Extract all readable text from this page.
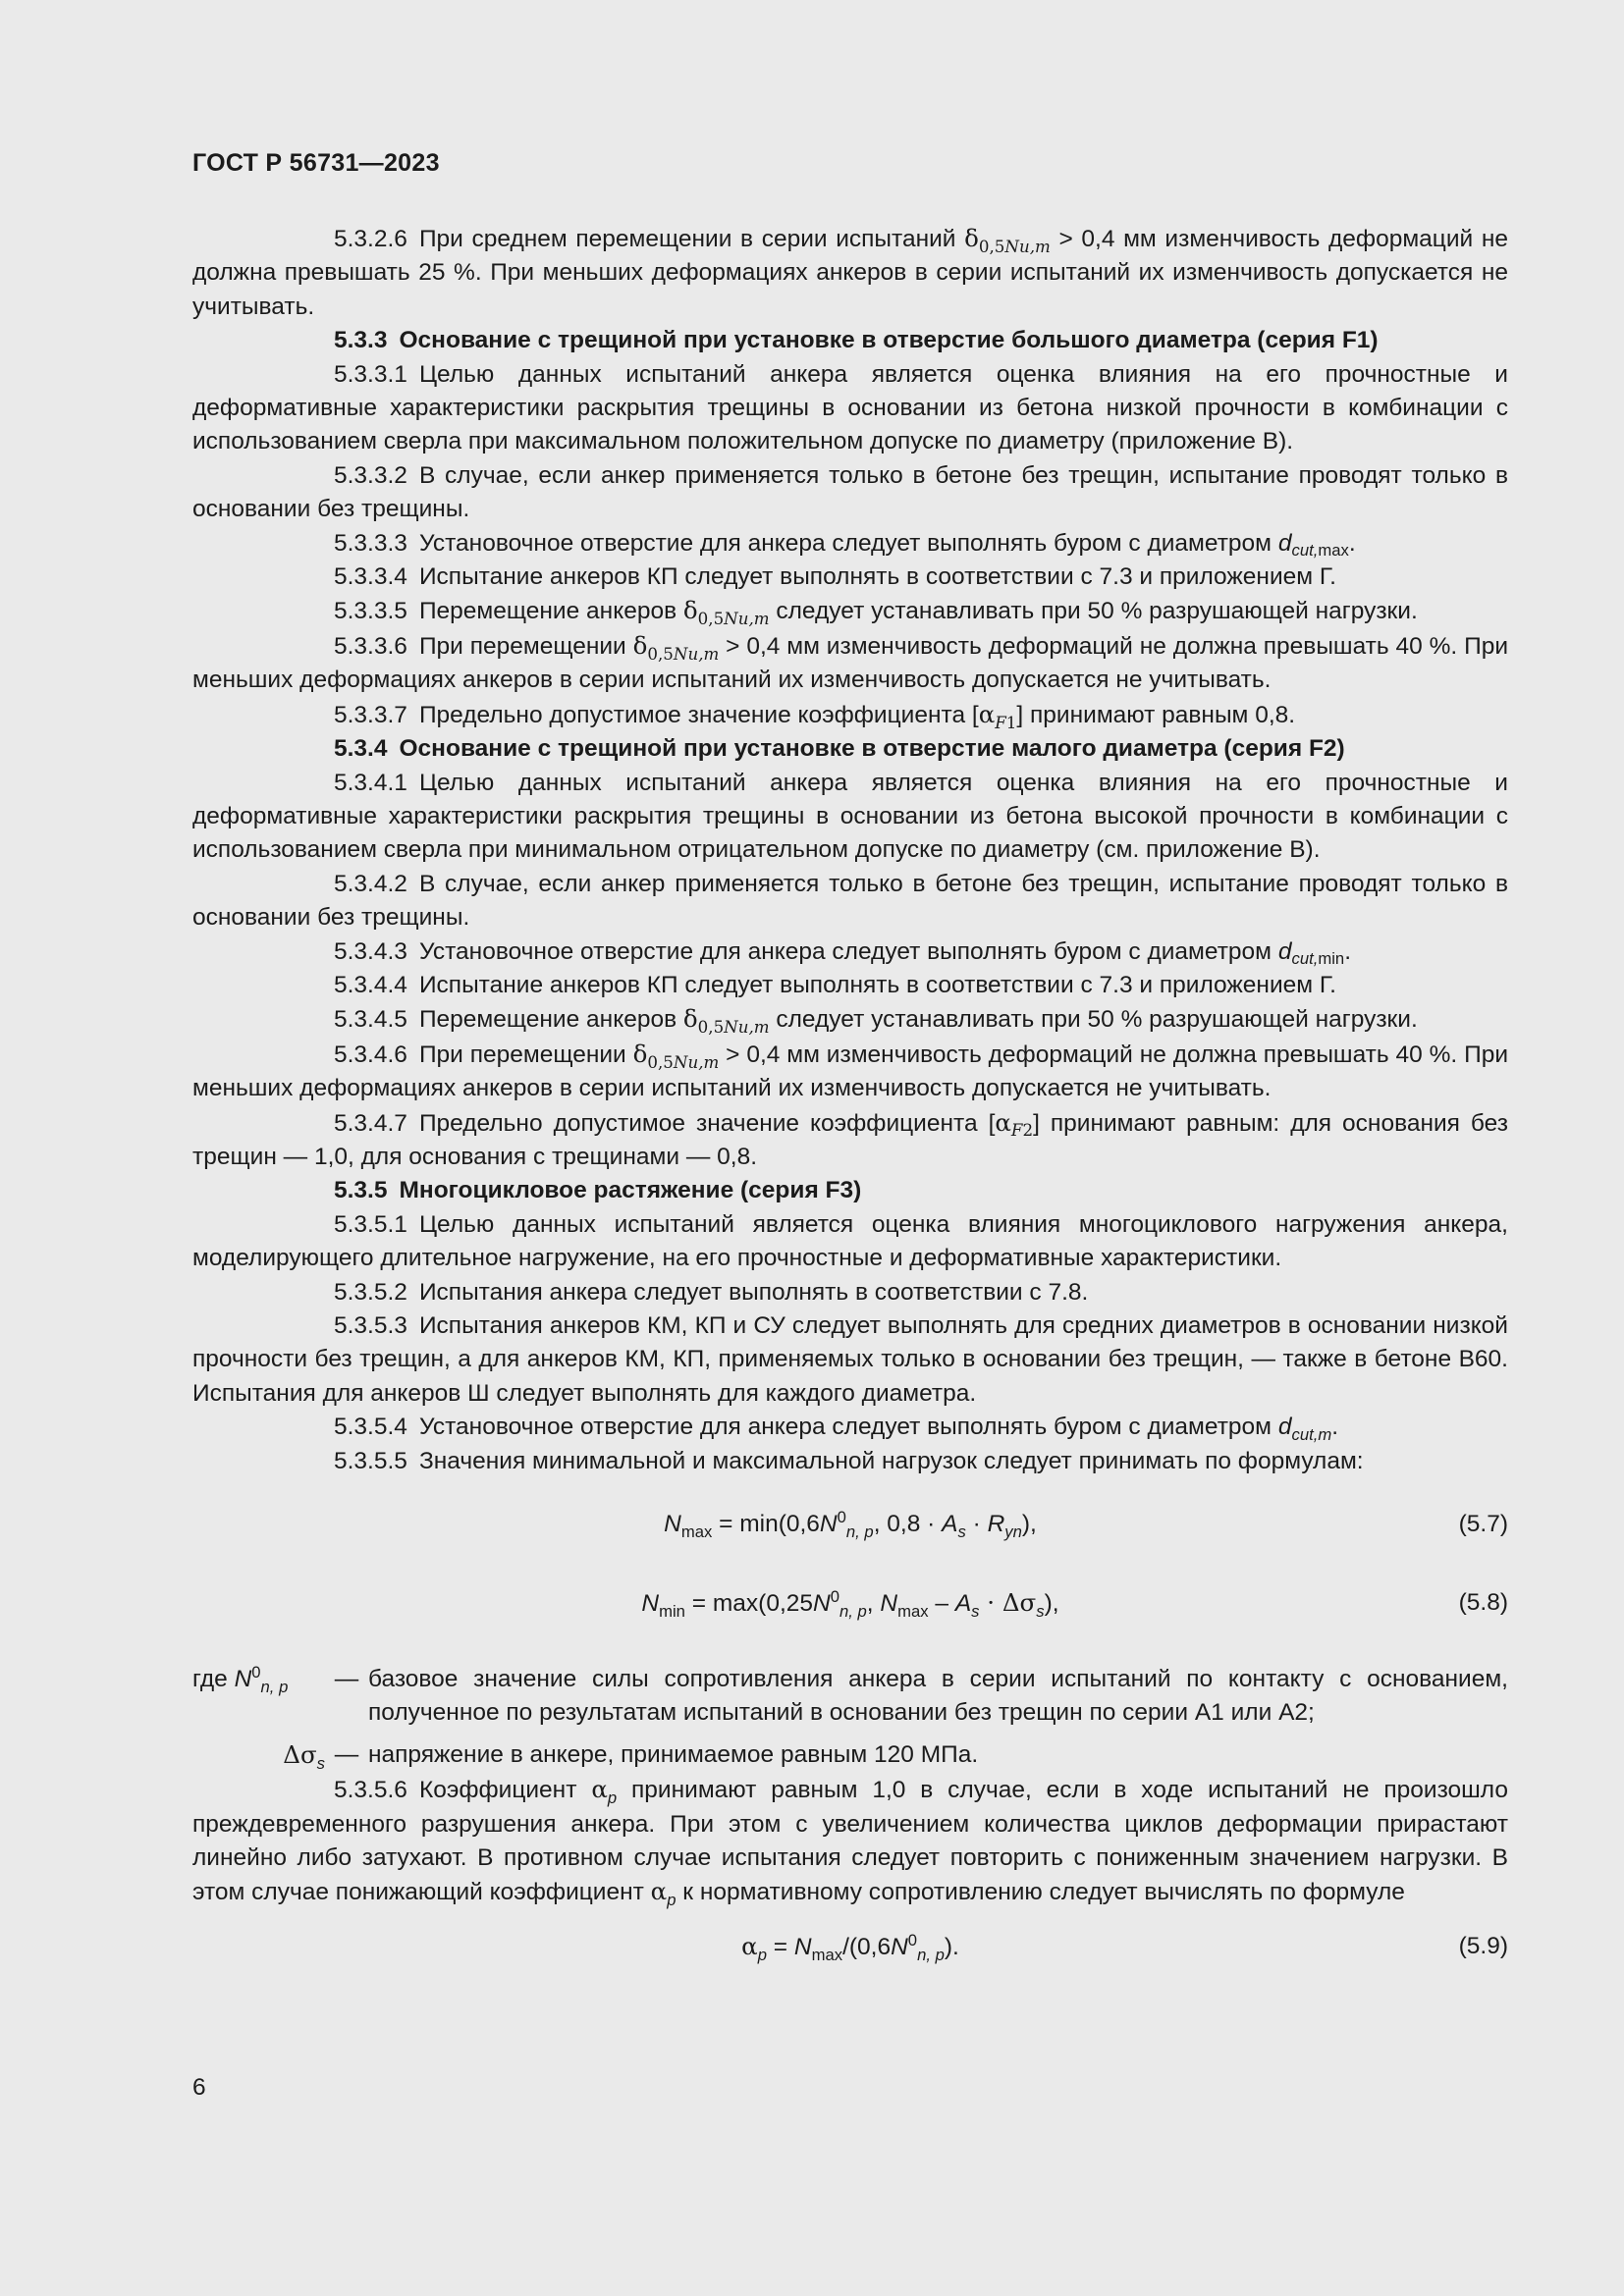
ГОСТ Р 56731—2023

5.3.2.6 При среднем перемещении в серии испытаний $\delta_{0,5Nu,m} > 0,4$ мм изменчивость деформаций не должна превышать 25 %. При меньших деформациях анкеров в серии испытаний их изменчивость допускается не учитывать.

5.3.3 Основание с трещиной при установке в отверстие большого диаметра (серия F1)

5.3.3.1 Целью данных испытаний анкера является оценка влияния на его прочностные и деформативные характеристики раскрытия трещины в основании из бетона низкой прочности в комбинации с использованием сверла при максимальном положительном допуске по диаметру (приложение В).

5.3.3.2 В случае, если анкер применяется только в бетоне без трещин, испытание проводят только в основании без трещины.

5.3.3.3 Установочное отверстие для анкера следует выполнять буром с диаметром $d_{cut,max}$.

5.3.3.4 Испытание анкеров КП следует выполнять в соответствии с 7.3 и приложением Г.

5.3.3.5 Перемещение анкеров $\delta_{0,5Nu,m}$ следует устанавливать при 50 % разрушающей нагрузки.

5.3.3.6 При перемещении $\delta_{0,5Nu,m} > 0,4$ мм изменчивость деформаций не должна превышать 40 %. При меньших деформациях анкеров в серии испытаний их изменчивость допускается не учитывать.

5.3.3.7 Предельно допустимое значение коэффициента $[\alpha_{F1}]$ принимают равным 0,8.

5.3.4 Основание с трещиной при установке в отверстие малого диаметра (серия F2)

5.3.4.1 Целью данных испытаний анкера является оценка влияния на его прочностные и деформативные характеристики раскрытия трещины в основании из бетона высокой прочности в комбинации с использованием сверла при минимальном отрицательном допуске по диаметру (см. приложение В).

5.3.4.2 В случае, если анкер применяется только в бетоне без трещин, испытание проводят только в основании без трещины.

5.3.4.3 Установочное отверстие для анкера следует выполнять буром с диаметром $d_{cut,min}$.

5.3.4.4 Испытание анкеров КП следует выполнять в соответствии с 7.3 и приложением Г.

5.3.4.5 Перемещение анкеров $\delta_{0,5Nu,m}$ следует устанавливать при 50 % разрушающей нагрузки.

5.3.4.6 При перемещении $\delta_{0,5Nu,m} > 0,4$ мм изменчивость деформаций не должна превышать 40 %. При меньших деформациях анкеров в серии испытаний их изменчивость допускается не учитывать.

5.3.4.7 Предельно допустимое значение коэффициента $[\alpha_{F2}]$ принимают равным: для основания без трещин — 1,0, для основания с трещинами — 0,8.

5.3.5 Многоцикловое растяжение (серия F3)

5.3.5.1 Целью данных испытаний является оценка влияния многоциклового нагружения анкера, моделирующего длительное нагружение, на его прочностные и деформативные характеристики.

5.3.5.2 Испытания анкера следует выполнять в соответствии с 7.8.

5.3.5.3 Испытания анкеров КМ, КП и СУ следует выполнять для средних диаметров в основании низкой прочности без трещин, а для анкеров КМ, КП, применяемых только в основании без трещин, — также в бетоне В60. Испытания для анкеров Ш следует выполнять для каждого диаметра.

5.3.5.4 Установочное отверстие для анкера следует выполнять буром с диаметром $d_{cut,m}$.

5.3.5.5 Значения минимальной и максимальной нагрузок следует принимать по формулам:

$N_{max} = \min(0,6N^0_{n, p}$, $0,8 \cdot A_s \cdot R_{yn}$),	(5.7)
$N_{min} = \max(0,25N^0_{n, p}$, $N_{max} - A_s \cdot \Delta\sigma_s$),	(5.8)
где $N^0_{n, p}$	— базовое значение силы сопротивления анкера в серии испытаний по контакту с основанием, полученное по результатам испытаний в основании без трещин по серии А1 или А2;
$\Delta\sigma_s$ — напряжение в анкере, принимаемое равным 120 МПа.

5.3.5.6 Коэффициент $\alpha_p$ принимают равным 1,0 в случае, если в ходе испытаний не произошло преждевременного разрушения анкера. При этом с увеличением количества циклов деформации прирастают линейно либо затухают. В противном случае испытания следует повторить с пониженным значением нагрузки. В этом случае понижающий коэффициент $\alpha_p$ к нормативному сопротивлению следует вычислять по формуле

$\alpha_p = N_{max}/(0,6N^0_{n, p})$.	(5.9)
6
